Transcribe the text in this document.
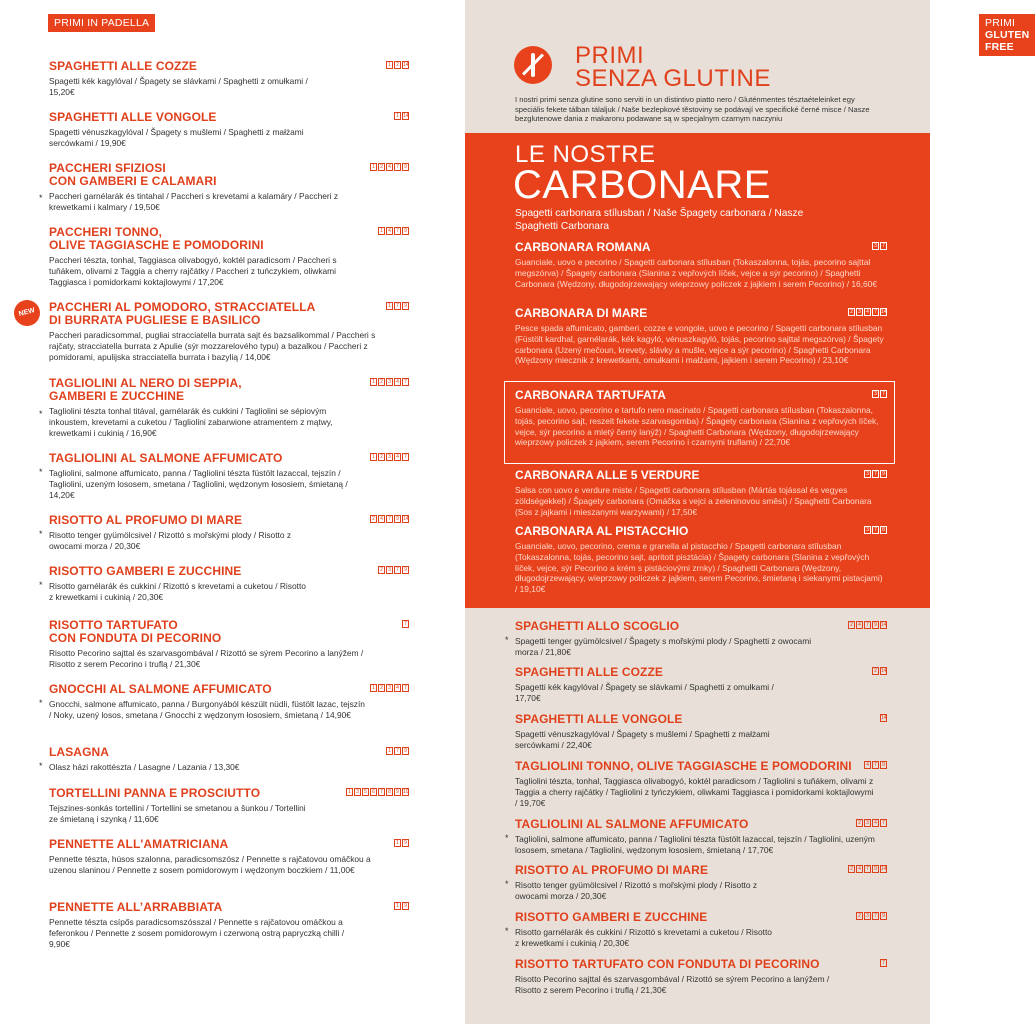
PRIMI IN PADELLA
NEW
SPAGHETTI ALLE COZZE
Spagetti kék kagylóval / Špagety se slávkami / Spaghetti z omułkami / 15,20€
1	2 14
SPAGHETTI ALLE VONGOLE
Spagetti vénuszkagylóval / Špagety s mušlemi / Spaghetti z małżami sercówkami / 19,90€
1 14
PACCHERI SFIZIOSI
CON GAMBERI E CALAMARI
Paccheri garnélarák és tintahal / Paccheri s krevetami a kalamáry / Paccheri z krewetkami i kalmary / 19,50€
*
1	2	4	7	9
PACCHERI TONNO,
OLIVE TAGGIASCHE E POMODORINI
Paccheri tészta, tonhal, Taggiasca olivabogyó, koktél paradicsom / Paccheri s tuňákem, olivami z Taggia a cherry rajčátky / Paccheri z tuńczykiem, oliwkami Taggiasca i pomidorkami koktajlowymi / 17,20€
1	4	7	9
PACCHERI AL POMODORO, STRACCIATELLA
DI BURRATA PUGLIESE E BASILICO
Paccheri paradicsommal, pugliai stracciatella burrata sajt és bazsalikommal / Paccheri s rajčaty, stracciatella burrata z Apulie (sýr mozzarelového typu) a bazalkou / Paccheri z pomidorami, apulijska stracciatella burrata i bazylią / 14,00€
1	7	9
TAGLIOLINI AL NERO DI SEPPIA,
GAMBERI E ZUCCHINE
Tagliolini tészta tonhal titával, garnélarák és cukkini / Tagliolini se sépiovým inkoustem, krevetami a cuketou / Tagliolini zabarwione atramentem z mątwy, krewetkami i cukinią / 16,90€
*
1	2	3	4	7
TAGLIOLINI AL SALMONE AFFUMICATO
Tagliolini, salmone affumicato, panna / Tagliolini tészta füstölt lazaccal, tejszín / Tagliolini, uzeným lososem, smetana / Tagliolini, wędzonym łososiem, śmietaną / 14,20€
*
1	2	3	4	7
RISOTTO AL PROFUMO DI MARE
Risotto tenger gyümölcsivel / Rizottó s mořskými plody / Risotto z owocami morza / 20,30€
*
2	4	7	9 14
RISOTTO GAMBERI E ZUCCHINE
Risotto garnélarák és cukkini / Rizottó s krevetami a cuketou / Risotto z krewetkami i cukinią / 20,30€
*
2	3	7	9
RISOTTO TARTUFATO
CON FONDUTA DI PECORINO
Risotto Pecorino sajttal és szarvasgombával / Rizottó se sýrem Pecorino a lanýžem / Risotto z serem Pecorino i truflą / 21,30€
7
GNOCCHI AL SALMONE AFFUMICATO
Gnocchi, salmone affumicato, panna / Burgonyából készült nüdli, füstölt lazac, tejszín / Noky, uzený losos, smetana / Gnocchi z wędzonym łososiem, śmietaną / 14,90€
*
1	2	3	4	7
LASAGNA
Olasz házi rakottészta / Lasagne / Lazania / 13,30€
*
1	7	9
TORTELLINI PANNA E PROSCIUTTO
Tejszines-sonkás tortellini / Tortellini se smetanou a šunkou / Tortellini ze śmietaną i szynką / 11,60€
1	3	5	6	7	8	9 10
PENNETTE ALL'AMATRICIANA
Pennette tészta, húsos szalonna, paradicsomszósz / Pennette s rajčatovou omáčkou a uzenou slaninou / Pennette z sosem pomidorowym i wędzonym boczkiem / 11,00€
1	9
PENNETTE ALL’ARRABBIATA
Pennette tészta csípős paradicsomszósszal / Pennette s rajčatovou omáčkou a feferonkou / Pennette z sosem pomidorowym i czerwoną ostrą papryczką chilli / 9,90€
1	9
PRIMI GLUTEN FREE
PRIMI
SENZA GLUTINE
I nostri primi senza glutine sono serviti in un distintivo piatto nero / Gluténmentes tésztaételeinket egy speciális fekete tálban tálaljuk / Naše bezlepkové těstoviny se podávají ve specifické černé misce / Nasze bezglutenowe dania z makaronu podawane są w specjalnym czarnym naczyniu
LE NOSTRE
CARBONARE
Spagetti carbonara stílusban / Naše Špagety carbonara / Nasze Spaghetti Carbonara
CARBONARA ROMANA
Guanciale, uovo e pecorino / Spagetti carbonara stílusban (Tokaszalonna, tojás, pecorino sajttal megszórva) / Špagety carbonara (Slanina z vepřových líček, vejce a sýr pecorino) / Spaghetti Carbonara (Wędzony, długodojrzewający wieprzowy policzek z jajkiem i serem Pecorino) / 16,60€
3	7
CARBONARA DI MARE
Pesce spada affumicato, gamberi, cozze e vongole, uovo e pecorino / Spagetti carbonara stílusban (Füstölt kardhal, garnélarák, kék kagyló, vénuszkagyló, tojás, pecorino sajttal megszórva) / Špagety carbonara (Uzený mečoun, krevety, slávky a mušle, vejce a sýr pecorino) / Spaghetti Carbonara (Wędzony miecznik z krewetkami, omułkami i małżami, jajkiem i serem Pecorino) / 23,10€
2	3	4	7 14
CARBONARA TARTUFATA
Guanciale, uovo, pecorino e tartufo nero macinato / Spagetti carbonara stílusban (Tokaszalonna, tojás, pecorino sajt, reszelt fekete szarvasgomba) / Špagety carbonara (Slanina z vepřových líček, vejce, sýr pecorino a mletý černý lanýž) / Spaghetti Carbonara (Wędzony, długodojrzewający wieprzowy policzek z jajkiem, serem Pecorino i czarnymi truflami) / 22,70€
3	7
CARBONARA ALLE 5 VERDURE
Salsa con uovo e verdure miste / Spagetti carbonara stílusban (Mártás tojással és vegyes zöldségekkel) / Špagety carbonara (Omáčka s vejci a zeleninovou směsí) / Spaghetti Carbonara (Sos z jajkami i mieszanymi warzywami) / 17,50€
3	7	9
CARBONARA AL PISTACCHIO
Guanciale, uovo, pecorino, crema e granella al pistacchio / Spagetti carbonara stílusban (Tokaszalonna, tojás, pecorino sajt, apritott pisztácia) / Špagety carbonara (Slanina z vepřových líček, vejce, sýr Pecorino a krém s pistáciovými zrnky) / Spaghetti Carbonara (Wędzony, długodojrzewający, wieprzowy policzek z jajkiem, serem Pecorino, śmietaną i siekanymi pistacjami) / 19,10€
3	7	8
SPAGHETTI ALLO SCOGLIO
Spagetti tenger gyümölcsivel / Špagety s mořskými plody / Spaghetti z owocami morza / 21,80€
*
2	4	7	9 14
SPAGHETTI ALLE COZZE
Spagetti kék kagylóval / Špagety se slávkami / Spaghetti z omułkami / 17,70€
2 14
SPAGHETTI ALLE VONGOLE
Spagetti vénuszkagylóval / Špagety s mušlemi / Spaghetti z małżami sercówkami / 22,40€
14
TAGLIOLINI TONNO, OLIVE TAGGIASCHE E POMODORINI
Tagliolini tészta, tonhal, Taggiasca olivabogyó, koktél paradicsom / Tagliolini s tuňákem, olivami z Taggia a cherry rajčátky / Tagliolini z tyńczykiem, oliwkami Taggiasca i pomidorkami koktajlowymi / 19,70€
4	7	9
TAGLIOLINI AL SALMONE AFFUMICATO
Tagliolini, salmone affumicato, panna / Tagliolini tészta füstölt lazaccal, tejszín / Tagliolini, uzeným lososem, smetana / Tagliolini, wędzonym łososiem, śmietaną / 17,70€
*
2	3	4	7
RISOTTO AL PROFUMO DI MARE
Risotto tenger gyümölcsivel / Rizottó s mořskými plody / Risotto z owocami morza / 20,30€
*
2	4	7	9 14
RISOTTO GAMBERI E ZUCCHINE
Risotto garnélarák és cukkini / Rizottó s krevetami a cuketou / Risotto z krewetkami i cukinią / 20,30€
*
2	3	7	9
RISOTTO TARTUFATO CON FONDUTA DI PECORINO
Risotto Pecorino sajttal és szarvasgombával / Rizottó se sýrem Pecorino a lanýžem / Risotto z serem Pecorino i truflą / 21,30€
7
